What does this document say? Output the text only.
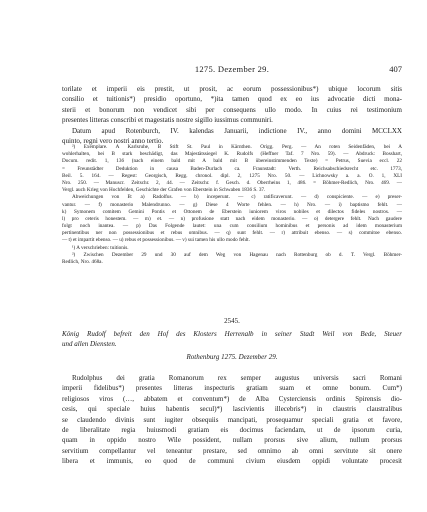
1275. Dezember 29.	407
torilate et imperii eis prestit, ut prosit, ac eorum possessionibus*) ubique locorum sitis
consilio et tuitionis*) presidio oportuno, *)ita tamen quod ex eo ius advocatie dicti mona-
sterii et bonorum non vendicet sibi per consequens ullo modo. In cuius rei testimonium
presentes litteras conscribi et magestatis nostre sigillo iussimus communiri.
Datum apud Rotenburch, IV. kalendas Januarii, indictione IV., anno domini MCCLXX
quinto, regni vero nostri anno tertio.
²) Exemplare. A Karlsruhe, B Stift St. Paul in Kärnthen. Origg. Perg. — An roten Seidenfäden, bei A
wohlerhalten, bei B stark beschädigt, das Majestätssiegel K. Rudolfs (Heffner Taf. 7 Nro. 59). — Abdruck: Bosshart,
Docum. redit. 1, 136 (nach einem bald mit A bald mit B übereinstimmenden Texte) = Petrus, Suevia eccl. 22
= Freunstädter Deduktion in causa Baden-Durlach ca. Fraunstadt: Verth. Reichsabschiedsrecht etc. 1773,
Beil. 5. 164. — Regest: Georgisch, Regg. chronol. dipl. 2, 1275 Nro. 50. — Lichnowsky a. a. O. 1, XLI
Nro. 250. — Manuscr. Zeitschr. 2, 44. — Zeitschr. f. Gesch. d. Oberrheins 1, 486. = Böhmer-Redlich, Nro. 469. —
Vergl. auch Krieg von Hochfelden, Geschichte der Grafen von Eberstein in Schwaben 1836 S. 37.
Abweichungen von B: a) Radolfus. — b) inceperunt. — c) ratificaverunt. — d) conspiciente. — e) preser-
vantur. — f) monasterio Malendrunno. — g) Diese 4 Worte fehlen. — h) Nro. — i) baptismo fehlt. —
k) Symonem comitem Gemini Pontis et Ottonem de Eberstein iuniorem viros nobiles et dilectos fideles nostros. —
l) pro ceteris honestem. — m) et. — n) profusione statt nach eidem monasterio. — o) detergere fehlt. Nach gaudere
folgt noch inantea. — p) Das Folgende lautet: una cum consilium hominibus et personis ad idem monasterium
pertinentibus ner non possessionibus et rebus omnibus. — q) sunt fehlt. — r) attribuit ebenso. — s) commitoe ebenso.
— t) et impartit ebenso. — u) rebus et possessionibus. — v) sui tamen his ullo modo fehlt.
¹) A verschrieben: tuitionis.
²) Zwischen Dezember 29 und 30 auf dem Weg von Hagenau nach Rottenburg ob d. T. Vergl. Böhmer-
Redlich, Nro. 468a.
2545.
König Rudolf befreit den Hof des Klosters Herrenalb in seiner Stadt Weil von Bede, Steuer
und allen Diensten.
Rothenburg 1275. Dezember 29.
Rudolphus dei gratia Romanorum rex semper augustus universis sacri Romani
imperii fidelibus*) presentes litteras inspecturis gratiam suam et omne bonum. Cum*)
religiosos viros (…, abbatem et conventum*) de Alba Cysterciensis ordinis Spirensis dio-
cesis, qui speciale huius habentis secul)*) lascivientis illecebris*) in claustris claustralibus
se claudendo divinis sunt iugiter obsequiis mancipati, prosequamur speciali gratia et favore,
de liberalitate regia huiusmodi gratiam eis docimus faciendam, ut de ipsorum curia,
quam in oppido nostro Wile possident, nullam prorsus sive alium, nullum prorsus
servitium compellantur vel teneantur prestare, sed omnimo ab omni servitute sit onere
libera et immunis, eo quod de communi civium eiusdem oppidi voluntate procesit
